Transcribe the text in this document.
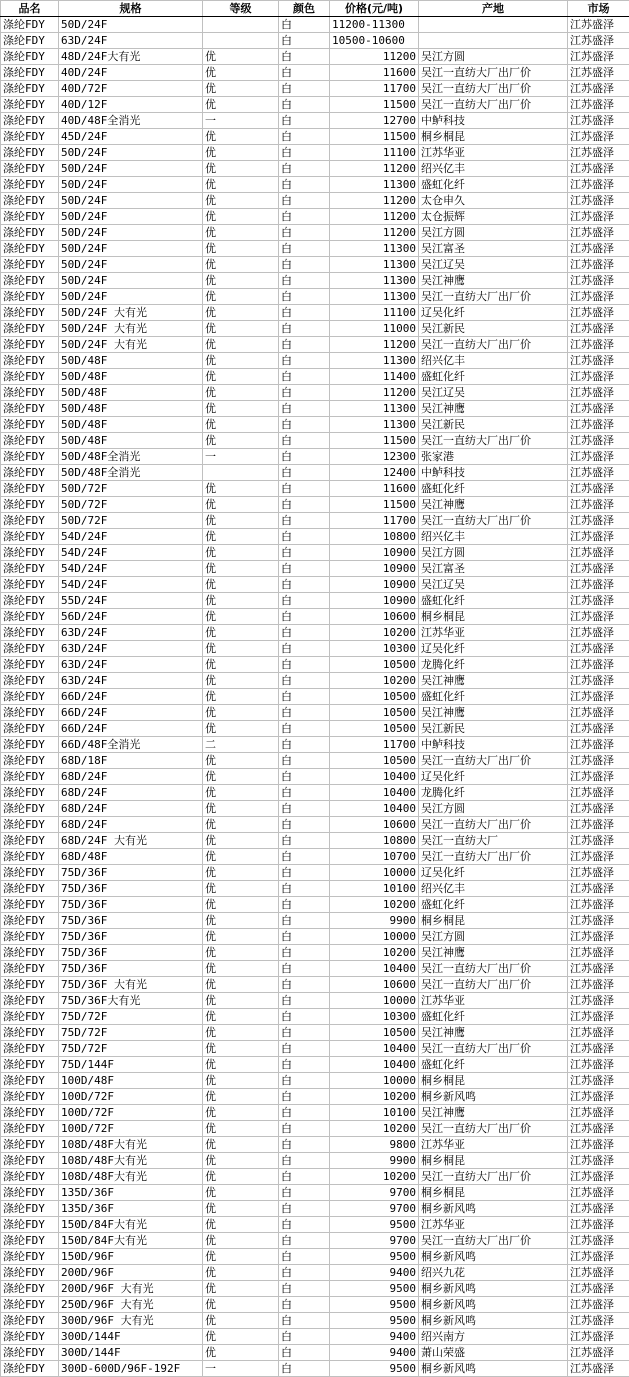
品名	规格	等级	颜色	价格(元/吨)	产地	市场
涤纶FDY	50D/24F		白	11200-11300		江苏盛泽
涤纶FDY	63D/24F		白	10500-10600		江苏盛泽
涤纶FDY	48D/24F大有光	优	白	11200	吴江方圆	江苏盛泽
涤纶FDY	40D/24F	优	白	11600	吴江一直纺大厂出厂价	江苏盛泽
涤纶FDY	40D/72F	优	白	11700	吴江一直纺大厂出厂价	江苏盛泽
涤纶FDY	40D/12F	优	白	11500	吴江一直纺大厂出厂价	江苏盛泽
涤纶FDY	40D/48F全消光	一	白	12700	中鲈科技	江苏盛泽
涤纶FDY	45D/24F	优	白	11500	桐乡桐昆	江苏盛泽
涤纶FDY	50D/24F	优	白	11100	江苏华亚	江苏盛泽
涤纶FDY	50D/24F	优	白	11200	绍兴亿丰	江苏盛泽
涤纶FDY	50D/24F	优	白	11300	盛虹化纤	江苏盛泽
涤纶FDY	50D/24F	优	白	11200	太仓申久	江苏盛泽
涤纶FDY	50D/24F	优	白	11200	太仓振辉	江苏盛泽
涤纶FDY	50D/24F	优	白	11200	吴江方圆	江苏盛泽
涤纶FDY	50D/24F	优	白	11300	吴江富圣	江苏盛泽
涤纶FDY	50D/24F	优	白	11300	吴江辽吴	江苏盛泽
涤纶FDY	50D/24F	优	白	11300	吴江神鹰	江苏盛泽
涤纶FDY	50D/24F	优	白	11300	吴江一直纺大厂出厂价	江苏盛泽
涤纶FDY	50D/24F 大有光	优	白	11100	辽吴化纤	江苏盛泽
涤纶FDY	50D/24F 大有光	优	白	11000	吴江新民	江苏盛泽
涤纶FDY	50D/24F 大有光	优	白	11200	吴江一直纺大厂出厂价	江苏盛泽
涤纶FDY	50D/48F	优	白	11300	绍兴亿丰	江苏盛泽
涤纶FDY	50D/48F	优	白	11400	盛虹化纤	江苏盛泽
涤纶FDY	50D/48F	优	白	11200	吴江辽吴	江苏盛泽
涤纶FDY	50D/48F	优	白	11300	吴江神鹰	江苏盛泽
涤纶FDY	50D/48F	优	白	11300	吴江新民	江苏盛泽
涤纶FDY	50D/48F	优	白	11500	吴江一直纺大厂出厂价	江苏盛泽
涤纶FDY	50D/48F全消光	一	白	12300	张家港	江苏盛泽
涤纶FDY	50D/48F全消光		白	12400	中鲈科技	江苏盛泽
涤纶FDY	50D/72F	优	白	11600	盛虹化纤	江苏盛泽
涤纶FDY	50D/72F	优	白	11500	吴江神鹰	江苏盛泽
涤纶FDY	50D/72F	优	白	11700	吴江一直纺大厂出厂价	江苏盛泽
涤纶FDY	54D/24F	优	白	10800	绍兴亿丰	江苏盛泽
涤纶FDY	54D/24F	优	白	10900	吴江方圆	江苏盛泽
涤纶FDY	54D/24F	优	白	10900	吴江富圣	江苏盛泽
涤纶FDY	54D/24F	优	白	10900	吴江辽吴	江苏盛泽
涤纶FDY	55D/24F	优	白	10900	盛虹化纤	江苏盛泽
涤纶FDY	56D/24F	优	白	10600	桐乡桐昆	江苏盛泽
涤纶FDY	63D/24F	优	白	10200	江苏华亚	江苏盛泽
涤纶FDY	63D/24F	优	白	10300	辽吴化纤	江苏盛泽
涤纶FDY	63D/24F	优	白	10500	龙腾化纤	江苏盛泽
涤纶FDY	63D/24F	优	白	10200	吴江神鹰	江苏盛泽
涤纶FDY	66D/24F	优	白	10500	盛虹化纤	江苏盛泽
涤纶FDY	66D/24F	优	白	10500	吴江神鹰	江苏盛泽
涤纶FDY	66D/24F	优	白	10500	吴江新民	江苏盛泽
涤纶FDY	66D/48F全消光	二	白	11700	中鲈科技	江苏盛泽
涤纶FDY	68D/18F	优	白	10500	吴江一直纺大厂出厂价	江苏盛泽
涤纶FDY	68D/24F	优	白	10400	辽吴化纤	江苏盛泽
涤纶FDY	68D/24F	优	白	10400	龙腾化纤	江苏盛泽
涤纶FDY	68D/24F	优	白	10400	吴江方圆	江苏盛泽
涤纶FDY	68D/24F	优	白	10600	吴江一直纺大厂出厂价	江苏盛泽
涤纶FDY	68D/24F 大有光	优	白	10800	吴江一直纺大厂	江苏盛泽
涤纶FDY	68D/48F	优	白	10700	吴江一直纺大厂出厂价	江苏盛泽
涤纶FDY	75D/36F	优	白	10000	辽吴化纤	江苏盛泽
涤纶FDY	75D/36F	优	白	10100	绍兴亿丰	江苏盛泽
涤纶FDY	75D/36F	优	白	10200	盛虹化纤	江苏盛泽
涤纶FDY	75D/36F	优	白	9900	桐乡桐昆	江苏盛泽
涤纶FDY	75D/36F	优	白	10000	吴江方圆	江苏盛泽
涤纶FDY	75D/36F	优	白	10200	吴江神鹰	江苏盛泽
涤纶FDY	75D/36F	优	白	10400	吴江一直纺大厂出厂价	江苏盛泽
涤纶FDY	75D/36F 大有光	优	白	10600	吴江一直纺大厂出厂价	江苏盛泽
涤纶FDY	75D/36F大有光	优	白	10000	江苏华亚	江苏盛泽
涤纶FDY	75D/72F	优	白	10300	盛虹化纤	江苏盛泽
涤纶FDY	75D/72F	优	白	10500	吴江神鹰	江苏盛泽
涤纶FDY	75D/72F	优	白	10400	吴江一直纺大厂出厂价	江苏盛泽
涤纶FDY	75D/144F	优	白	10400	盛虹化纤	江苏盛泽
涤纶FDY	100D/48F	优	白	10000	桐乡桐昆	江苏盛泽
涤纶FDY	100D/72F	优	白	10200	桐乡新风鸣	江苏盛泽
涤纶FDY	100D/72F	优	白	10100	吴江神鹰	江苏盛泽
涤纶FDY	100D/72F	优	白	10200	吴江一直纺大厂出厂价	江苏盛泽
涤纶FDY	108D/48F大有光	优	白	9800	江苏华亚	江苏盛泽
涤纶FDY	108D/48F大有光	优	白	9900	桐乡桐昆	江苏盛泽
涤纶FDY	108D/48F大有光	优	白	10200	吴江一直纺大厂出厂价	江苏盛泽
涤纶FDY	135D/36F	优	白	9700	桐乡桐昆	江苏盛泽
涤纶FDY	135D/36F	优	白	9700	桐乡新风鸣	江苏盛泽
涤纶FDY	150D/84F大有光	优	白	9500	江苏华亚	江苏盛泽
涤纶FDY	150D/84F大有光	优	白	9700	吴江一直纺大厂出厂价	江苏盛泽
涤纶FDY	150D/96F	优	白	9500	桐乡新风鸣	江苏盛泽
涤纶FDY	200D/96F	优	白	9400	绍兴九花	江苏盛泽
涤纶FDY	200D/96F 大有光	优	白	9500	桐乡新风鸣	江苏盛泽
涤纶FDY	250D/96F 大有光	优	白	9500	桐乡新风鸣	江苏盛泽
涤纶FDY	300D/96F 大有光	优	白	9500	桐乡新风鸣	江苏盛泽
涤纶FDY	300D/144F	优	白	9400	绍兴南方	江苏盛泽
涤纶FDY	300D/144F	优	白	9400	萧山荣盛	江苏盛泽
涤纶FDY	300D-600D/96F-192F	一	白	9500	桐乡新风鸣	江苏盛泽
